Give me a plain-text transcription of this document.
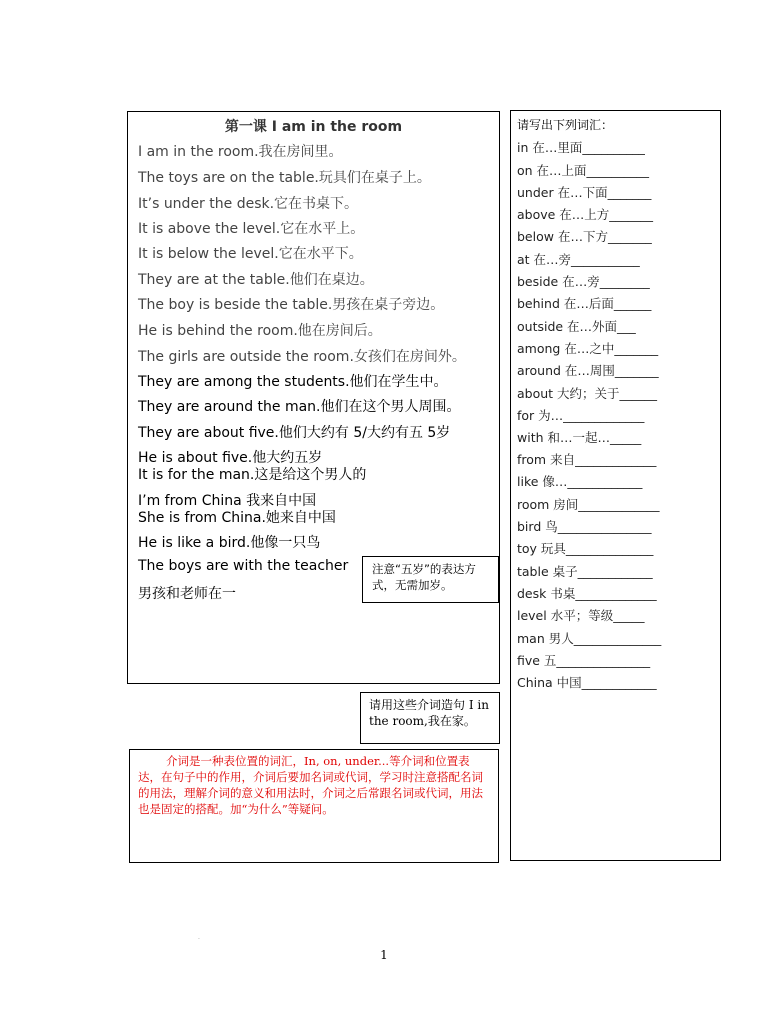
第一课 I am in the room
I am in the room.我在房间里。
The toys are on the table.玩具们在桌子上。
It’s under the desk.它在书桌下。
It is above the level.它在水平上。
It is below the level.它在水平下。
They are at the table.他们在桌边。
The boy is beside the table.男孩在桌子旁边。
He is behind the room.他在房间后。
The girls are outside the room.女孩们在房间外。
They are among the students.他们在学生中。
They are around the man.他们在这个男人周围。
They are about five.他们大约有 5/大约有五 5岁
He is about five.他大约五岁
It is for the man.这是给这个男人的
I’m from China 我来自中国
She is from China.她来自中国
He is like a bird.他像一只鸟
The boys are with the teacher
男孩和老师在一
注意“五岁”的表达方式，无需加岁。
请用这些介词造句 I in the room,我在家。
介词是一种表位置的词汇，In, on, under...等介词和位置表达，在句子中的作用，介词后要加名词或代词，学习时注意搭配名词的用法，理解介词的意义和用法时，介词之后常跟名词或代词，用法也是固定的搭配。加“为什么”等疑问。
请写出下列词汇：
in 在…里面__________
on 在…上面__________
under 在…下面_______
above 在…上方_______
below 在…下方_______
at 在…旁___________
beside 在…旁________
behind 在…后面______
outside 在…外面___
among 在…之中_______
around 在…周围_______
about 大约；关于______
for 为…_____________
with 和…一起…_____
from 来自_____________
like 像…____________
room 房间_____________
bird 鸟_______________
toy 玩具______________
table 桌子____________
desk 书桌_____________
level 水平；等级_____
man 男人______________
five 五_______________
China 中国____________
.
1
